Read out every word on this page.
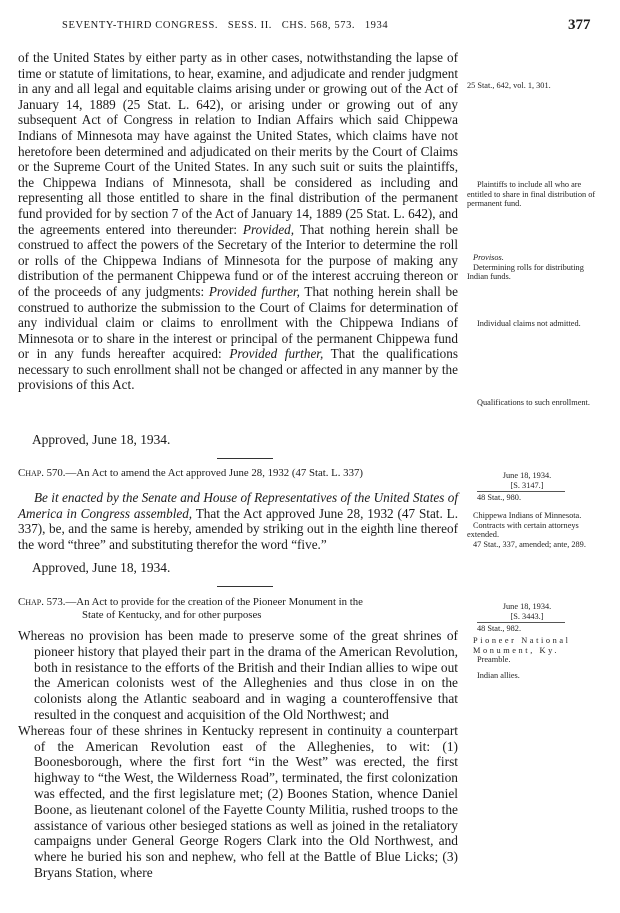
SEVENTY-THIRD CONGRESS.   SESS. II.   CHS. 568, 573.   1934	377

of the United States by either party as in other cases, notwithstanding the lapse of time or statute of limitations, to hear, examine, and adjudicate and render judgment in any and all legal and equitable claims arising under or growing out of the Act of January 14, 1889 (25 Stat. L. 642), or arising under or growing out of any subsequent Act of Congress in relation to Indian Affairs which said Chippewa Indians of Minnesota may have against the United States, which claims have not heretofore been determined and adjudicated on their merits by the Court of Claims or the Supreme Court of the United States. In any such suit or suits the plaintiffs, the Chippewa Indians of Minnesota, shall be considered as including and representing all those entitled to share in the final distribution of the permanent fund provided for by section 7 of the Act of January 14, 1889 (25 Stat. L. 642), and the agreements entered into thereunder: Provided, That nothing herein shall be construed to affect the powers of the Secretary of the Interior to determine the roll or rolls of the Chippewa Indians of Minnesota for the purpose of making any distribution of the permanent Chippewa fund or of the interest accruing thereon or of the proceeds of any judgments: Provided further, That nothing herein shall be construed to authorize the submission to the Court of Claims for determination of any individual claim or claims to enrollment with the Chippewa Indians of Minnesota or to share in the interest or principal of the permanent Chippewa fund or in any funds hereafter acquired: Provided further, That the qualifications necessary to such enrollment shall not be changed or affected in any manner by the provisions of this Act.

Approved, June 18, 1934.
Chap. 570.—An Act to amend the Act approved June 28, 1932 (47 Stat. L. 337)

Be it enacted by the Senate and House of Representatives of the United States of America in Congress assembled, That the Act approved June 28, 1932 (47 Stat. L. 337), be, and the same is hereby, amended by striking out in the eighth line thereof the word “three” and substituting therefor the word “five.”

Approved, June 18, 1934.
Chap. 573.—An Act to provide for the creation of the Pioneer Monument in the
State of Kentucky, and for other purposes

Whereas no provision has been made to preserve some of the great shrines of pioneer history that played their part in the drama of the American Revolution, both in resistance to the efforts of the British and their Indian allies to wipe out the American colonists west of the Alleghenies and thus close in on the colonists along the Atlantic seaboard and in waging a counteroffensive that resulted in the conquest and acquisition of the Old Northwest; and

Whereas four of these shrines in Kentucky represent in continuity a counterpart of the American Revolution east of the Alleghenies, to wit: (1) Boonesborough, where the first fort “in the West” was erected, the first highway to “the West, the Wilderness Road”, terminated, the first colonization was effected, and the first legislature met; (2) Boones Station, whence Daniel Boone, as lieutenant colonel of the Fayette County Militia, rushed troops to the assistance of various other besieged stations as well as joined in the retaliatory campaigns under General George Rogers Clark into the Old Northwest, and where he buried his son and nephew, who fell at the Battle of Blue Licks; (3) Bryans Station, where

25 Stat., 642, vol. 1, 301.
Plaintiffs to include all who are entitled to share in final distribution of permanent fund.
Provisos.
Determining rolls for distributing Indian funds.
Individual claims not admitted.
Qualifications to such enrollment.
June 18, 1934.
[S. 3147.]
48 Stat., 980.
Chippewa Indians of Minnesota.
Contracts with certain attorneys extended.
47 Stat., 337, amended; ante, 289.
June 18, 1934.
[S. 3443.]
48 Stat., 982.
Pioneer National Monument, Ky.
Preamble.
Indian allies.
